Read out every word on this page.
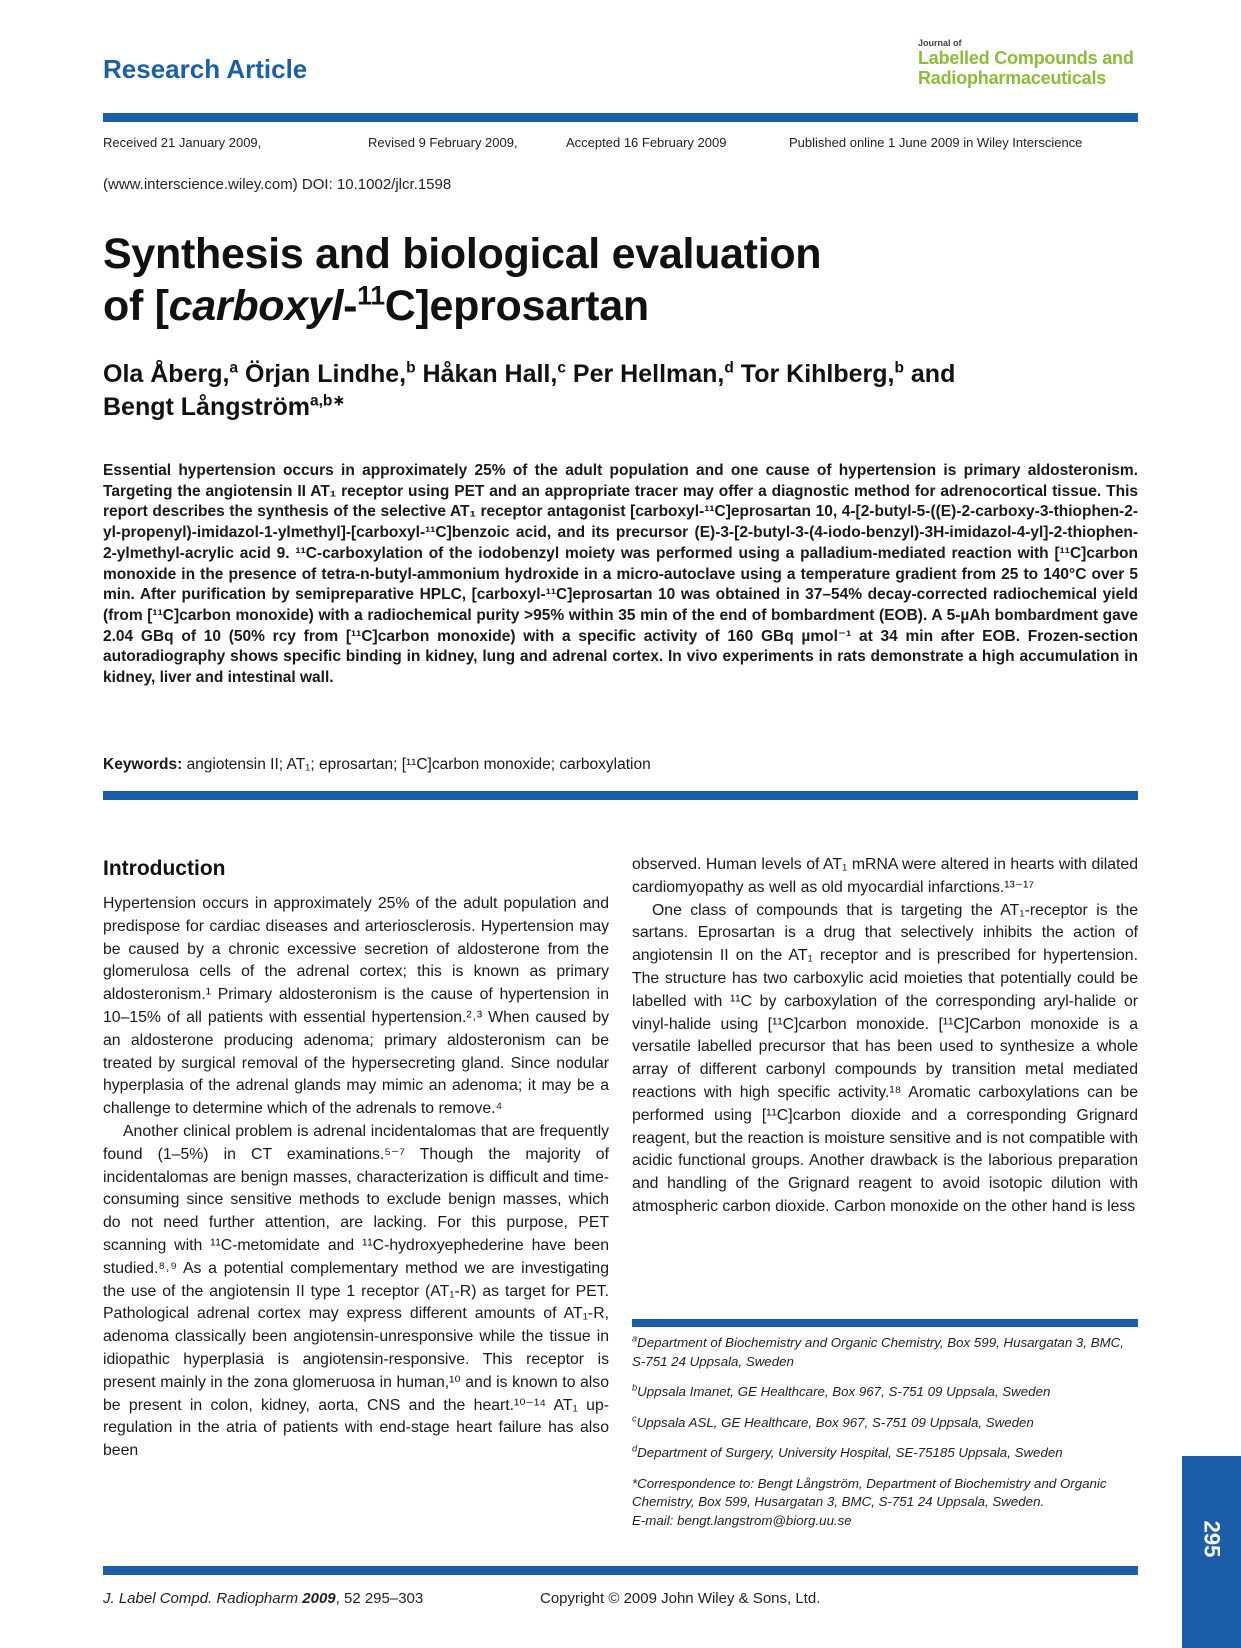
Research Article
Journal of
Labelled Compounds and
Radiopharmaceuticals
Received 21 January 2009,	Revised 9 February 2009,	Accepted 16 February 2009	Published online 1 June 2009 in Wiley Interscience
(www.interscience.wiley.com) DOI: 10.1002/jlcr.1598
Synthesis and biological evaluation
of [carboxyl-$^{11}$C]eprosartan
Ola Åberg,$^a$ Örjan Lindhe,$^b$ Håkan Hall,$^c$ Per Hellman,$^d$ Tor Kihlberg,$^b$ and
Bengt Långström$^{a,b∗}$
Essential hypertension occurs in approximately 25% of the adult population and one cause of hypertension is primary aldosteronism. Targeting the angiotensin II AT₁ receptor using PET and an appropriate tracer may offer a diagnostic method for adrenocortical tissue. This report describes the synthesis of the selective AT₁ receptor antagonist [carboxyl-¹¹C]eprosartan 10, 4-[2-butyl-5-((E)-2-carboxy-3-thiophen-2-yl-propenyl)-imidazol-1-ylmethyl]-[carboxyl-¹¹C]benzoic acid, and its precursor (E)-3-[2-butyl-3-(4-iodo-benzyl)-3H-imidazol-4-yl]-2-thiophen-2-ylmethyl-acrylic acid 9. ¹¹C-carboxylation of the iodobenzyl moiety was performed using a palladium-mediated reaction with [¹¹C]carbon monoxide in the presence of tetra-n-butyl-ammonium hydroxide in a micro-autoclave using a temperature gradient from 25 to 140°C over 5 min. After purification by semipreparative HPLC, [carboxyl-¹¹C]eprosartan 10 was obtained in 37–54% decay-corrected radiochemical yield (from [¹¹C]carbon monoxide) with a radiochemical purity >95% within 35 min of the end of bombardment (EOB). A 5-µAh bombardment gave 2.04 GBq of 10 (50% rcy from [¹¹C]carbon monoxide) with a specific activity of 160 GBq µmol⁻¹ at 34 min after EOB. Frozen-section autoradiography shows specific binding in kidney, lung and adrenal cortex. In vivo experiments in rats demonstrate a high accumulation in kidney, liver and intestinal wall.
Keywords: angiotensin II; AT₁; eprosartan; [¹¹C]carbon monoxide; carboxylation
Introduction

Hypertension occurs in approximately 25% of the adult population and predispose for cardiac diseases and arteriosclerosis. Hypertension may be caused by a chronic excessive secretion of aldosterone from the glomerulosa cells of the adrenal cortex; this is known as primary aldosteronism.¹ Primary aldosteronism is the cause of hypertension in 10–15% of all patients with essential hypertension.²˒³ When caused by an aldosterone producing adenoma; primary aldosteronism can be treated by surgical removal of the hypersecreting gland. Since nodular hyperplasia of the adrenal glands may mimic an adenoma; it may be a challenge to determine which of the adrenals to remove.⁴

Another clinical problem is adrenal incidentalomas that are frequently found (1–5%) in CT examinations.⁵⁻⁷ Though the majority of incidentalomas are benign masses, characterization is difficult and time-consuming since sensitive methods to exclude benign masses, which do not need further attention, are lacking. For this purpose, PET scanning with ¹¹C-metomidate and ¹¹C-hydroxyephederine have been studied.⁸˒⁹ As a potential complementary method we are investigating the use of the angiotensin II type 1 receptor (AT₁-R) as target for PET. Pathological adrenal cortex may express different amounts of AT₁-R, adenoma classically been angiotensin-unresponsive while the tissue in idiopathic hyperplasia is angiotensin-responsive. This receptor is present mainly in the zona glomeruosa in human,¹⁰ and is known to also be present in colon, kidney, aorta, CNS and the heart.¹⁰⁻¹⁴ AT₁ up-regulation in the atria of patients with end-stage heart failure has also been

observed. Human levels of AT₁ mRNA were altered in hearts with dilated cardiomyopathy as well as old myocardial infarctions.¹³⁻¹⁷

One class of compounds that is targeting the AT₁-receptor is the sartans. Eprosartan is a drug that selectively inhibits the action of angiotensin II on the AT₁ receptor and is prescribed for hypertension. The structure has two carboxylic acid moieties that potentially could be labelled with ¹¹C by carboxylation of the corresponding aryl-halide or vinyl-halide using [¹¹C]carbon monoxide. [¹¹C]Carbon monoxide is a versatile labelled precursor that has been used to synthesize a whole array of different carbonyl compounds by transition metal mediated reactions with high specific activity.¹⁸ Aromatic carboxylations can be performed using [¹¹C]carbon dioxide and a corresponding Grignard reagent, but the reaction is moisture sensitive and is not compatible with acidic functional groups. Another drawback is the laborious preparation and handling of the Grignard reagent to avoid isotopic dilution with atmospheric carbon dioxide. Carbon monoxide on the other hand is less

$^a$Department of Biochemistry and Organic Chemistry, Box 599, Husargatan 3, BMC, S-751 24 Uppsala, Sweden
$^b$Uppsala Imanet, GE Healthcare, Box 967, S-751 09 Uppsala, Sweden
$^c$Uppsala ASL, GE Healthcare, Box 967, S-751 09 Uppsala, Sweden
$^d$Department of Surgery, University Hospital, SE-75185 Uppsala, Sweden
*Correspondence to: Bengt Långström, Department of Biochemistry and Organic Chemistry, Box 599, Husargatan 3, BMC, S-751 24 Uppsala, Sweden.
E-mail: bengt.langstrom@biorg.uu.se
J. Label Compd. Radiopharm 2009, 52 295–303	Copyright © 2009 John Wiley & Sons, Ltd.
295
